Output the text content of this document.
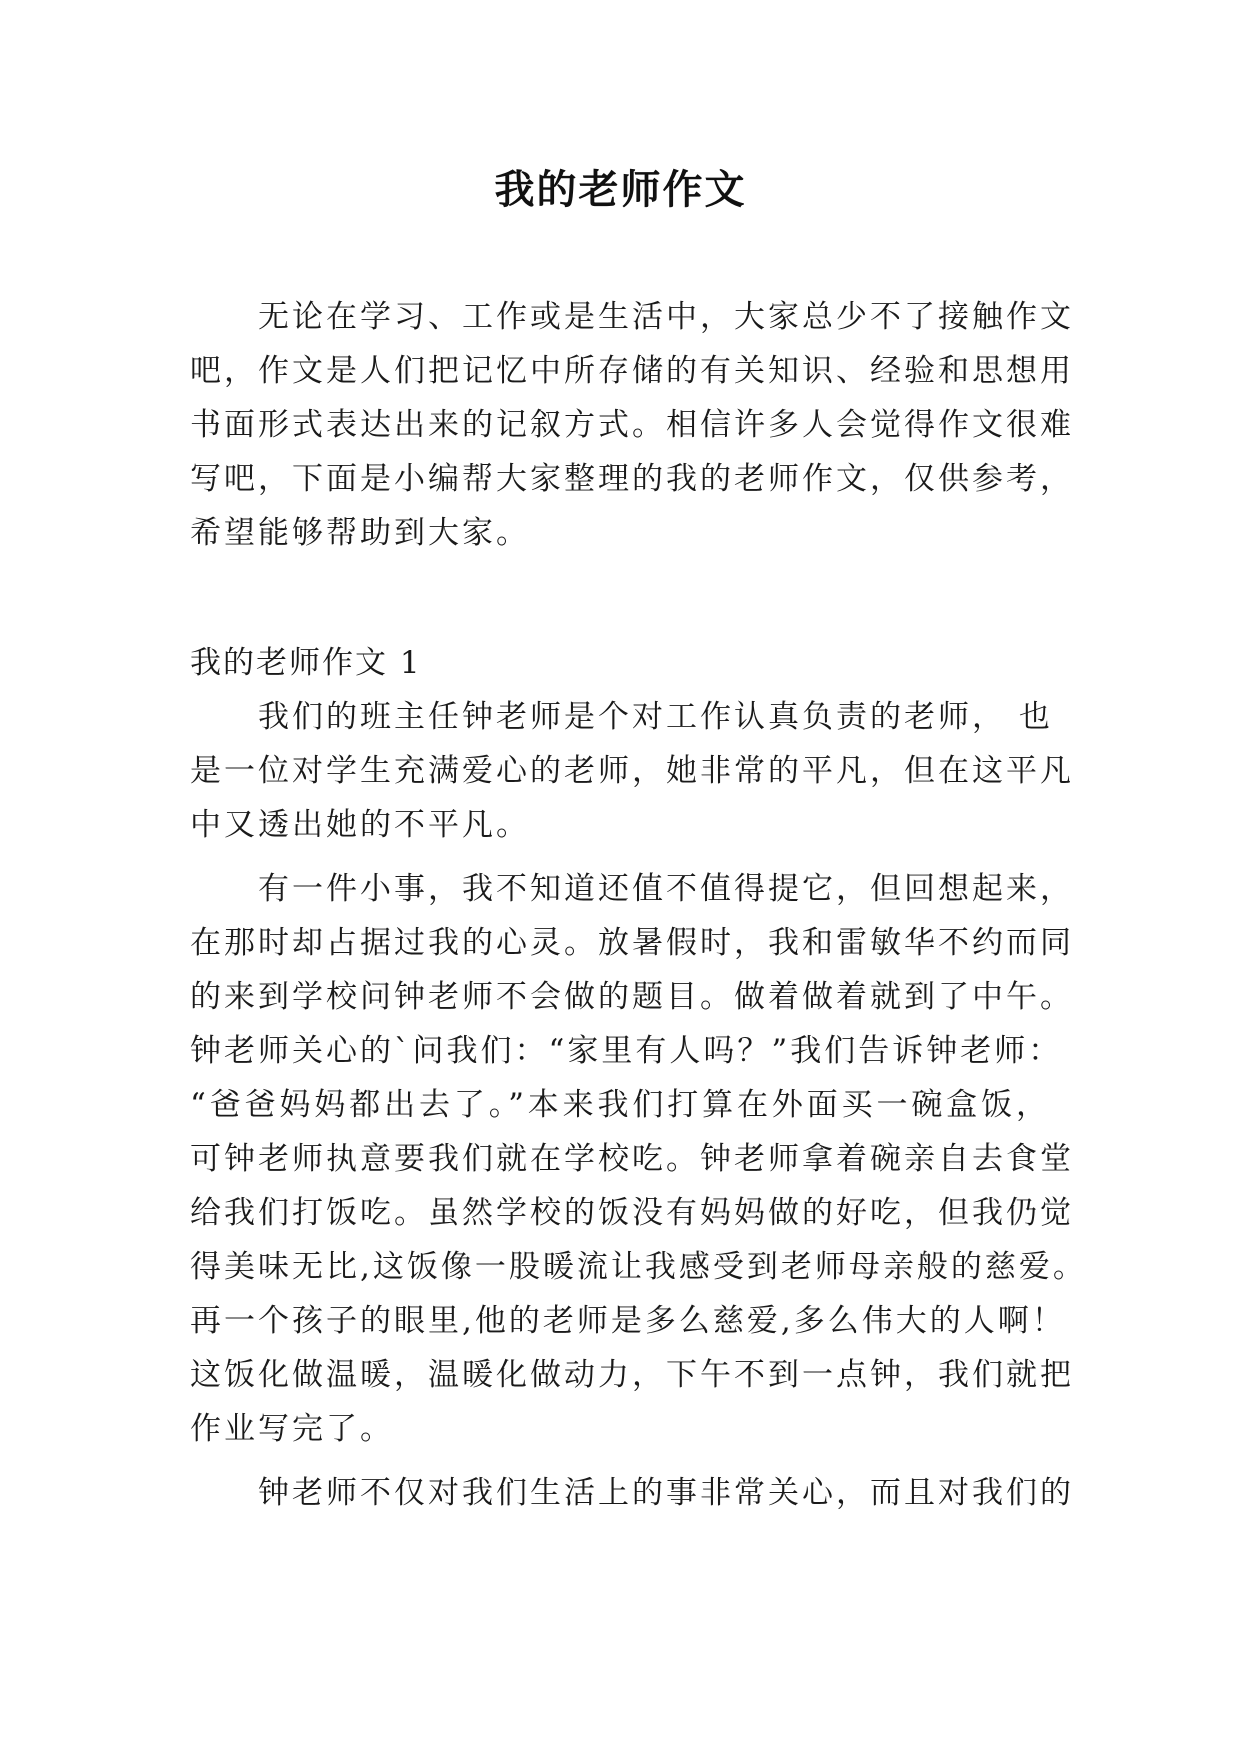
我的老师作文
无论在学习、工作或是生活中，大家总少不了接触作文
吧，作文是人们把记忆中所存储的有关知识、经验和思想用
书面形式表达出来的记叙方式。相信许多人会觉得作文很难
写吧，下面是小编帮大家整理的我的老师作文，仅供参考，
希望能够帮助到大家。
我的老师作文 1
我们的班主任钟老师是个对工作认真负责的老师， 也
是一位对学生充满爱心的老师，她非常的平凡，但在这平凡
中又透出她的不平凡。
有一件小事，我不知道还值不值得提它，但回想起来，
在那时却占据过我的心灵。放暑假时，我和雷敏华不约而同
的来到学校问钟老师不会做的题目。做着做着就到了中午。
钟老师关心的`问我们：“家里有人吗？”我们告诉钟老师：
“爸爸妈妈都出去了。”本来我们打算在外面买一碗盒饭，
可钟老师执意要我们就在学校吃。钟老师拿着碗亲自去食堂
给我们打饭吃。虽然学校的饭没有妈妈做的好吃，但我仍觉
得美味无比,这饭像一股暖流让我感受到老师母亲般的慈爱。
再一个孩子的眼里,他的老师是多么慈爱,多么伟大的人啊！
这饭化做温暖，温暖化做动力，下午不到一点钟，我们就把
作业写完了。
钟老师不仅对我们生活上的事非常关心，而且对我们的
